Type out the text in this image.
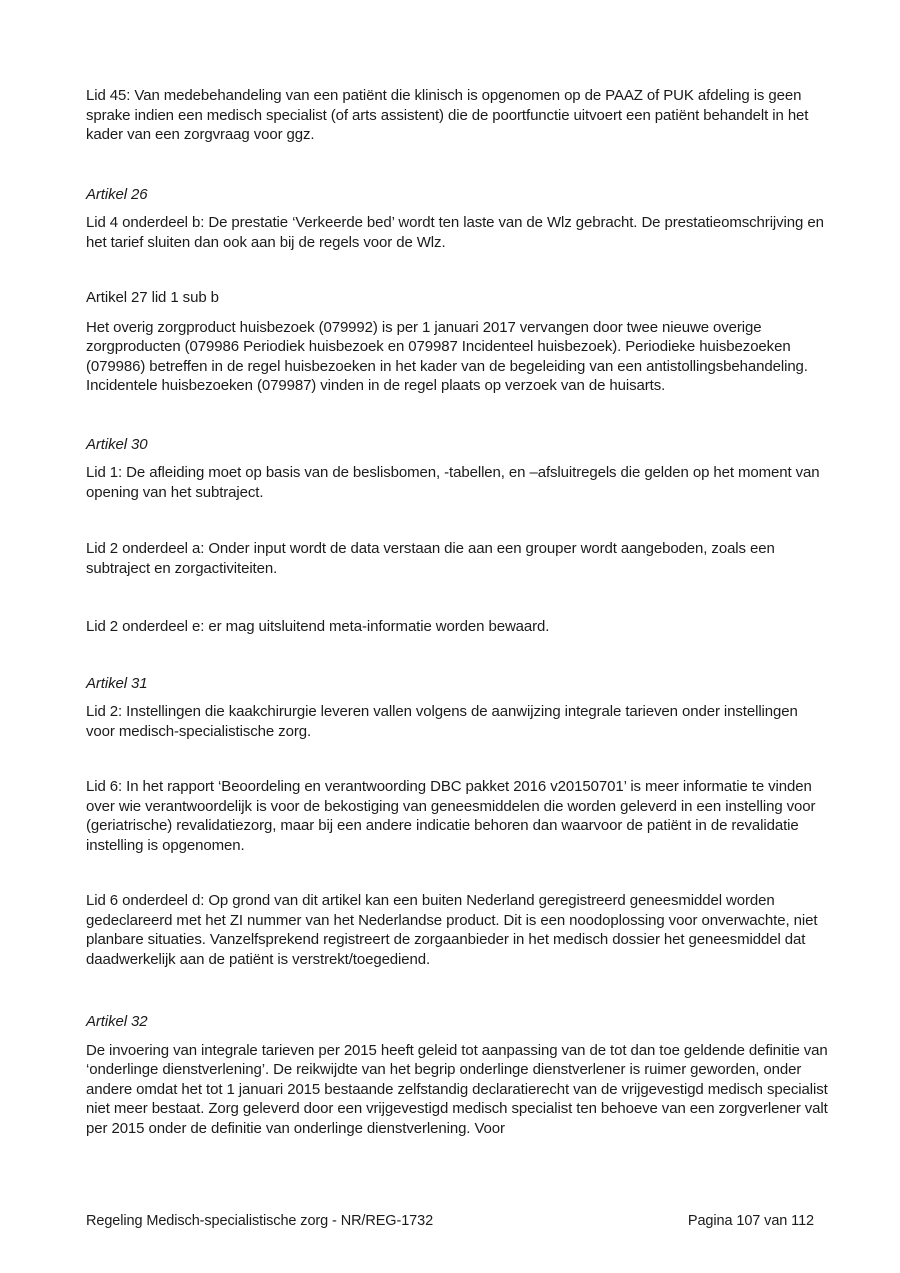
Lid 45: Van medebehandeling van een patiënt die klinisch is opgenomen op de PAAZ of PUK afdeling is geen sprake indien een medisch specialist (of arts assistent) die de poortfunctie uitvoert een patiënt behandelt in het kader van een zorgvraag voor ggz.

Artikel 26

Lid 4 onderdeel b: De prestatie ‘Verkeerde bed’ wordt ten laste van de Wlz gebracht. De prestatieomschrijving en het tarief sluiten dan ook aan bij de regels voor de Wlz.

Artikel 27 lid 1 sub b

Het overig zorgproduct huisbezoek (079992) is per 1 januari 2017 vervangen door twee nieuwe overige zorgproducten (079986 Periodiek huisbezoek en 079987 Incidenteel huisbezoek). Periodieke huisbezoeken (079986) betreffen in de regel huisbezoeken in het kader van de begeleiding van een antistollingsbehandeling. Incidentele huisbezoeken (079987) vinden in de regel plaats op verzoek van de huisarts.

Artikel 30

Lid 1: De afleiding moet op basis van de beslisbomen, -tabellen, en –afsluitregels die gelden op het moment van opening van het subtraject.

Lid 2 onderdeel a: Onder input wordt de data verstaan die aan een grouper wordt aangeboden, zoals een subtraject en zorgactiviteiten.

Lid 2 onderdeel e: er mag uitsluitend meta-informatie worden bewaard.

Artikel 31

Lid 2: Instellingen die kaakchirurgie leveren vallen volgens de aanwijzing integrale tarieven onder instellingen voor medisch-specialistische zorg.

Lid 6: In het rapport ‘Beoordeling en verantwoording DBC pakket 2016 v20150701’ is meer informatie te vinden over wie verantwoordelijk is voor de bekostiging van geneesmiddelen die worden geleverd in een instelling voor (geriatrische) revalidatiezorg, maar bij een andere indicatie behoren dan waarvoor de patiënt in de revalidatie instelling is opgenomen.

Lid 6 onderdeel d: Op grond van dit artikel kan een buiten Nederland geregistreerd geneesmiddel worden gedeclareerd met het ZI nummer van het Nederlandse product. Dit is een noodoplossing voor onverwachte, niet planbare situaties. Vanzelfsprekend registreert de zorgaanbieder in het medisch dossier het geneesmiddel dat daadwerkelijk aan de patiënt is verstrekt/toegediend.

Artikel 32

De invoering van integrale tarieven per 2015 heeft geleid tot aanpassing van de tot dan toe geldende definitie van ‘onderlinge dienstverlening’. De reikwijdte van het begrip onderlinge dienstverlener is ruimer geworden, onder andere omdat het tot 1 januari 2015 bestaande zelfstandig declaratierecht van de vrijgevestigd medisch specialist niet meer bestaat. Zorg geleverd door een vrijgevestigd medisch specialist ten behoeve van een zorgverlener valt per 2015 onder de definitie van onderlinge dienstverlening. Voor

Regeling Medisch-specialistische zorg - NR/REG-1732	Pagina 107 van 112
